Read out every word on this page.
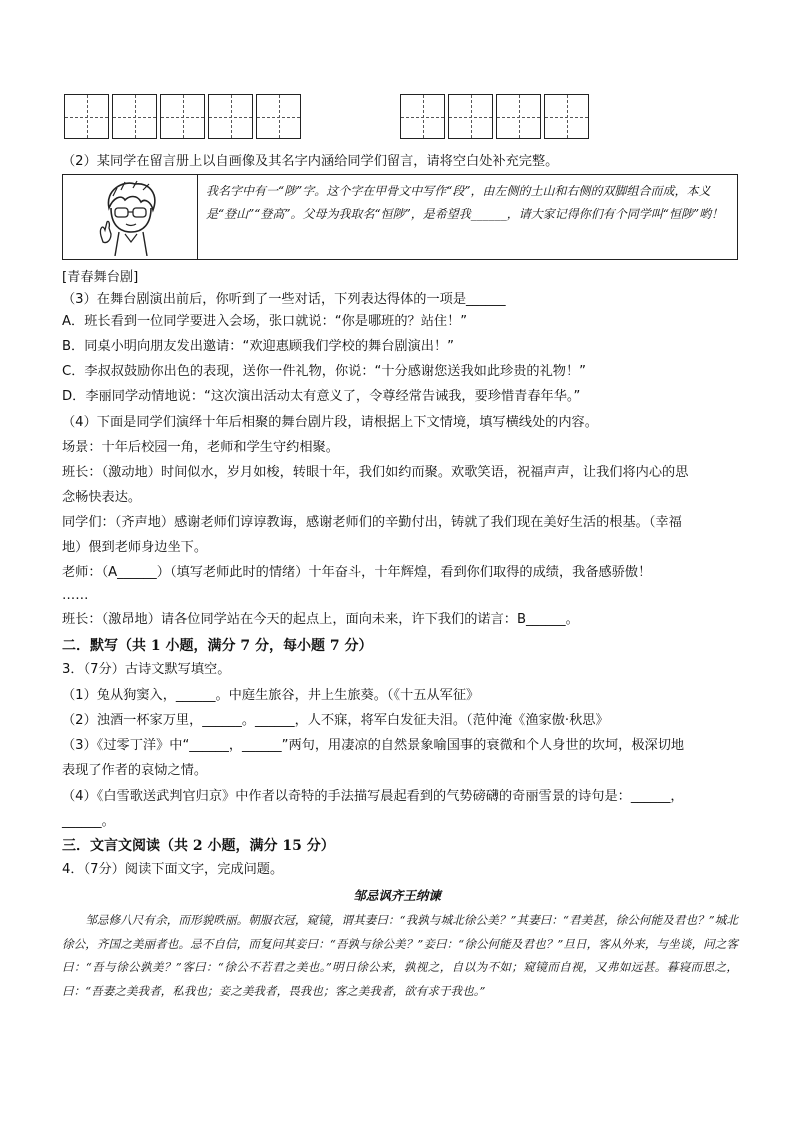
（2）某同学在留言册上以自画像及其名字内涵给同学们留言，请将空白处补充完整。
我名字中有一“陟”字。这个字在甲骨文中写作“段”，由左侧的土山和右侧的双脚组合而成，本义是“登山”“登高”。父母为我取名“恒陟”，是希望我______，请大家记得你们有个同学叫“恒陟”哟！
[青春舞台剧]
（3）在舞台剧演出前后，你听到了一些对话，下列表达得体的一项是______
A．班长看到一位同学要进入会场，张口就说：“你是哪班的？站住！”
B．同桌小明向朋友发出邀请：“欢迎惠顾我们学校的舞台剧演出！”
C．李叔叔鼓励你出色的表现，送你一件礼物，你说：“十分感谢您送我如此珍贵的礼物！”
D．李丽同学动情地说：“这次演出活动太有意义了，令尊经常告诫我，要珍惜青春年华。”
（4）下面是同学们演绎十年后相聚的舞台剧片段，请根据上下文情境，填写横线处的内容。
场景：十年后校园一角，老师和学生守约相聚。
班长：（激动地）时间似水，岁月如梭，转眼十年，我们如约而聚。欢歌笑语，祝福声声，让我们将内心的思
念畅快表达。
同学们：（齐声地）感谢老师们谆谆教诲，感谢老师们的辛勤付出，铸就了我们现在美好生活的根基。（幸福
地）偎到老师身边坐下。
老师：（A______）（填写老师此时的情绪）十年奋斗，十年辉煌，看到你们取得的成绩，我备感骄傲！
……
班长：（激昂地）请各位同学站在今天的起点上，面向未来，许下我们的诺言：B______。
二．默写（共 1 小题，满分 7 分，每小题 7 分）
3．（7分）古诗文默写填空。
（1）兔从狗窦入，______。中庭生旅谷，井上生旅葵。（《十五从军征》
（2）浊酒一杯家万里，______。______，人不寐，将军白发征夫泪。（范仲淹《渔家傲·秋思》
（3）《过零丁洋》中“______，______”两句，用凄凉的自然景象喻国事的衰微和个人身世的坎坷，极深切地
表现了作者的哀恸之情。
（4）《白雪歌送武判官归京》中作者以奇特的手法描写晨起看到的气势磅礴的奇丽雪景的诗句是：______，
______。
三．文言文阅读（共 2 小题，满分 15 分）
4．（7分）阅读下面文字，完成问题。
邹忌讽齐王纳谏
邹忌修八尺有余，而形貌昳丽。朝服衣冠，窥镜，谓其妻曰：“我孰与城北徐公美？”其妻曰：“君美甚，徐公何能及君也？”城北徐公，齐国之美丽者也。忌不自信，而复问其妾曰：“吾孰与徐公美？”妾曰：“徐公何能及君也？”旦日，客从外来，与坐谈，问之客曰：“吾与徐公孰美？”客曰：“徐公不若君之美也。”明日徐公来，孰视之，自以为不如；窥镜而自视，又弗如远甚。暮寝而思之，曰：“吾妻之美我者，私我也；妾之美我者，畏我也；客之美我者，欲有求于我也。”
